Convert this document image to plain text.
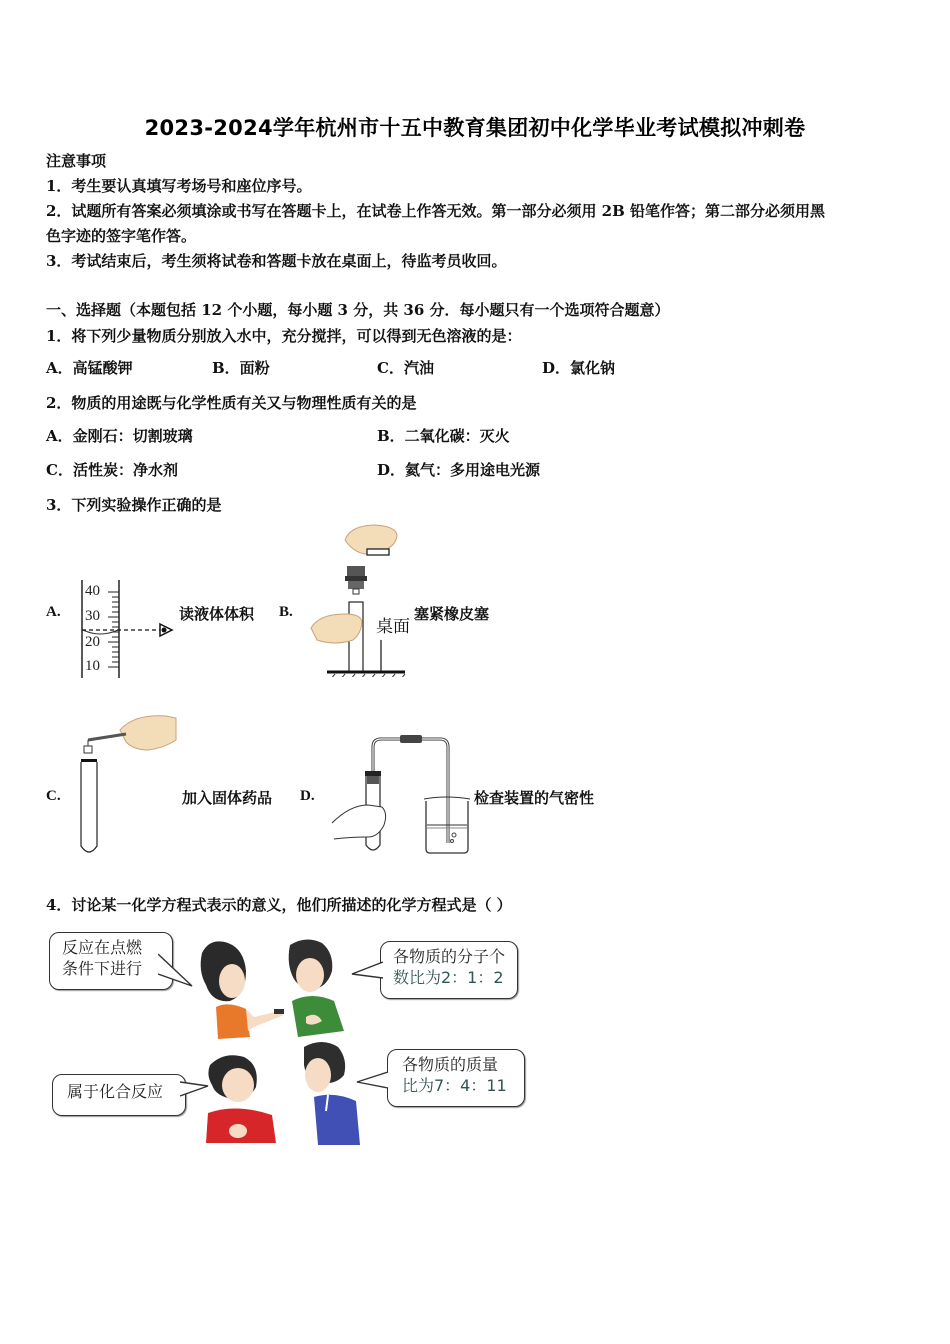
2023-2024学年杭州市十五中教育集团初中化学毕业考试模拟冲刺卷
注意事项
1．考生要认真填写考场号和座位序号。
2．试题所有答案必须填涂或书写在答题卡上，在试卷上作答无效。第一部分必须用 2B 铅笔作答；第二部分必须用黑
色字迹的签字笔作答。
3．考试结束后，考生须将试卷和答题卡放在桌面上，待监考员收回。
一、选择题（本题包括 12 个小题，每小题 3 分，共 36 分．每小题只有一个选项符合题意）
1．将下列少量物质分别放入水中，充分搅拌，可以得到无色溶液的是：
A．高锰酸钾	B．面粉	C．汽油	D．氯化钠
2．物质的用途既与化学性质有关又与物理性质有关的是
A．金刚石：切割玻璃	B．二氧化碳：灭火
C．活性炭：净水剂	D．氦气：多用途电光源
3．下列实验操作正确的是
A.
40
30
20
10
读液体体积 B.
桌面
塞紧橡皮塞
C.	加入固体药品 D.	检查装置的气密性
4．讨论某一化学方程式表示的意义，他们所描述的化学方程式是（ ）
反应在点燃
条件下进行
各物质的分子个
数比为2：1：2
属于化合反应
各物质的质量
比为7：4：11
